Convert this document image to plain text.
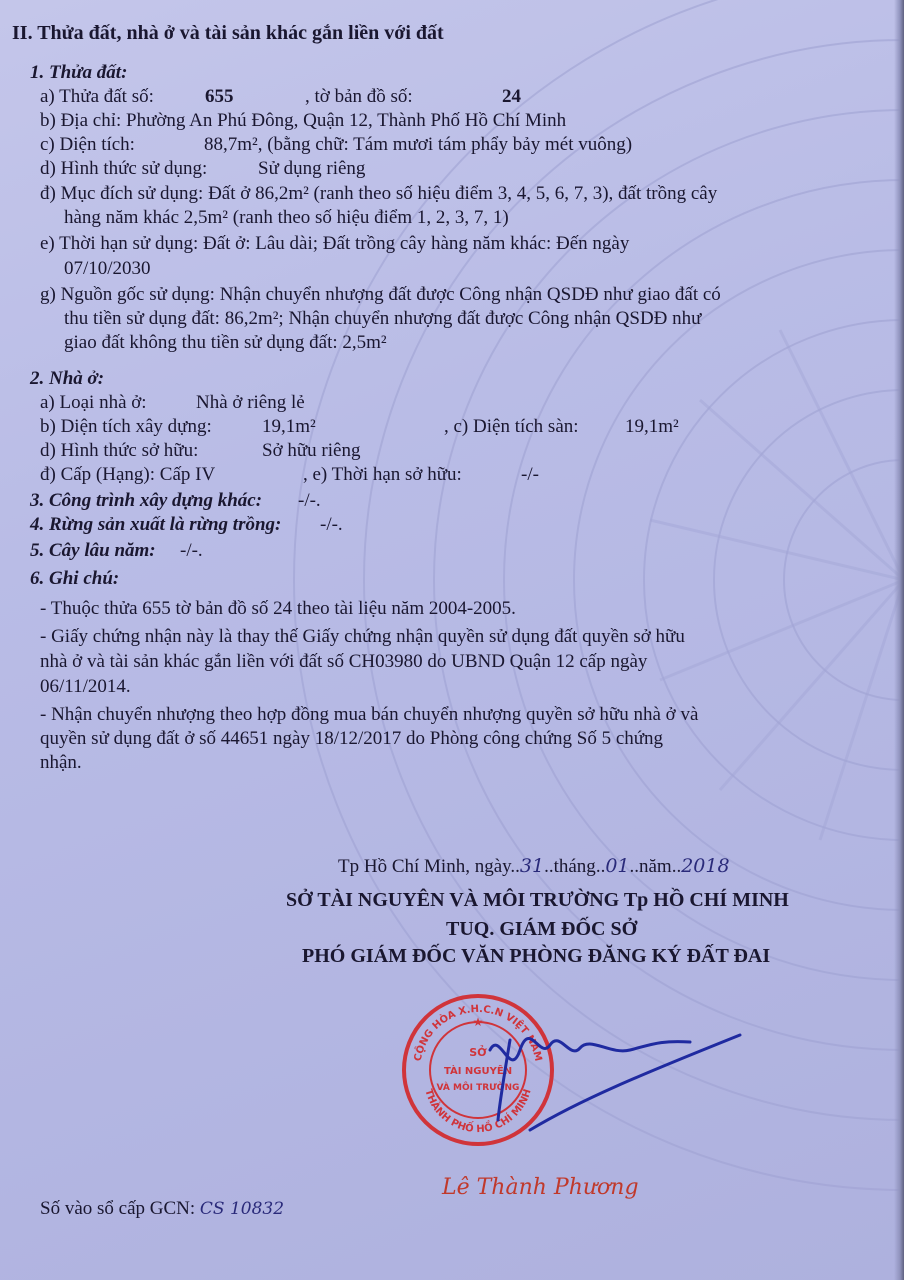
II. Thửa đất, nhà ở và tài sản khác gắn liền với đất
1. Thửa đất:
a) Thửa đất số:	655	, tờ bản đồ số:	24
b) Địa chỉ: Phường An Phú Đông, Quận 12, Thành Phố Hồ Chí Minh
c) Diện tích:	88,7m², (bằng chữ: Tám mươi tám phẩy bảy mét vuông)
d) Hình thức sử dụng:	Sử dụng riêng
đ) Mục đích sử dụng: Đất ở 86,2m² (ranh theo số hiệu điểm 3, 4, 5, 6, 7, 3), đất trồng cây
hàng năm khác 2,5m² (ranh theo số hiệu điểm 1, 2, 3, 7, 1)
e) Thời hạn sử dụng: Đất ở: Lâu dài; Đất trồng cây hàng năm khác: Đến ngày
07/10/2030
g) Nguồn gốc sử dụng: Nhận chuyển nhượng đất được Công nhận QSDĐ như giao đất có
thu tiền sử dụng đất: 86,2m²; Nhận chuyển nhượng đất được Công nhận QSDĐ như
giao đất không thu tiền sử dụng đất: 2,5m²
2. Nhà ở:
a) Loại nhà ở:	Nhà ở riêng lẻ
b) Diện tích xây dựng:	19,1m²	, c) Diện tích sàn: 19,1m²
d) Hình thức sở hữu:	Sở hữu riêng
đ) Cấp (Hạng): Cấp IV	, e) Thời hạn sở hữu:	-/-
3. Công trình xây dựng khác: -/-.
4. Rừng sản xuất là rừng trồng: -/-.
5. Cây lâu năm: -/-.
6. Ghi chú:
- Thuộc thửa 655 tờ bản đồ số 24 theo tài liệu năm 2004-2005.
- Giấy chứng nhận này là thay thế Giấy chứng nhận quyền sử dụng đất quyền sở hữu
nhà ở và tài sản khác gắn liền với đất số CH03980 do UBND Quận 12 cấp ngày
06/11/2014.
- Nhận chuyển nhượng theo hợp đồng mua bán chuyển nhượng quyền sở hữu nhà ở và
quyền sử dụng đất ở số 44651 ngày 18/12/2017 do Phòng công chứng Số 5 chứng
nhận.
Tp Hồ Chí Minh, ngày..31..tháng..01..năm..2018
SỞ TÀI NGUYÊN VÀ MÔI TRƯỜNG Tp HỒ CHÍ MINH
TUQ. GIÁM ĐỐC SỞ
PHÓ GIÁM ĐỐC VĂN PHÒNG ĐĂNG KÝ ĐẤT ĐAI
CỘNG HÒA X.H.C.N VIỆT NAM
THÀNH PHỐ HỒ CHÍ MINH
SỞ
TÀI NGUYÊN
VÀ MÔI TRƯỜNG
★
Lê Thành Phương
Số vào sổ cấp GCN: CS 10832
